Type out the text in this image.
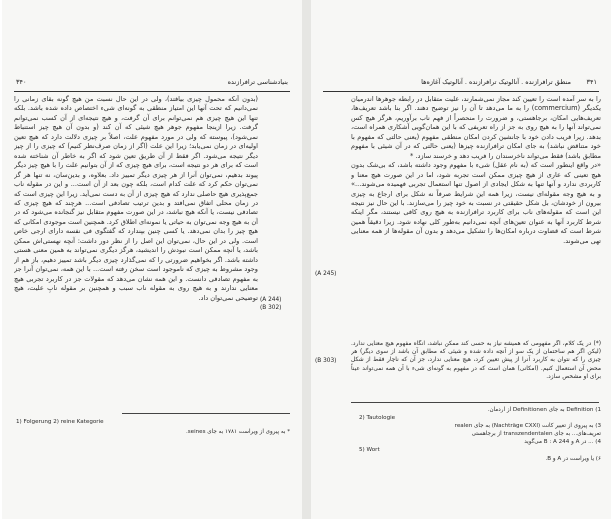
۳۴۰	بنیادشناسی ترافرازنده
(بدون آنکه محمول چیزی بیافتد)، ولی در این حال نسبت من هیچ گونه بقای زمانی را نمی‌دانیم که تحت آنها این امتیاز منطقی به گونه‌ای شیء اختصاص داده شده باشد. بلکه تنها این هیچ چیزی هم نمی‌توانم برای آن گرفت، و هیچ نتیجه‌ای از آن کسب نمی‌توانم گرفت. زیرا ازینجا مفهوم جوهر هیچ شیئی که آن کند (و بدون آن هیچ چیز استنباط نمی‌شود)، پیوسته که ولی در مورد مفهوم علت، اصلاً بر چیزی دلالت دارد که هیچ تعین اولیه‌ای در زمان نمی‌یابد؛ زیرا این علت (اگر از زمان صرف‌نظر کنیم) که چیزی را از چیز دیگر نتیجه می‌شود. اگر فقط از آن طریق تعین شود که اگر به خاطر آن شناخته شده است که برای هر دو نتیجه است، برای هیچ چیزی که از آن بتوانیم علت را با هیچ چیز دیگر پیوند بدهیم، نمی‌توان آنرا از هر چیزی دیگر تمییز داد. بعلاوه، و بدین‌سان، نه تنها هر گز نمی‌توان حکم کرد که علت کدام است، بلکه چون بعد از آن است... و این در مقوله ناب جمع‌پذیری هیچ حاصلی ندارد که هیچ چیزی از آن به دست نمی‌آید. زیرا این چیزی است که در زمان محلی اتفاق نمی‌افتد و بدین ترتیب تصادفی است... هرچند که هیچ چیزی که تصادفی نیست، یا آنکه هیچ نباشد، در این صورت مفهوم متقابل نیز گنجانده می‌شود که در آن به هیچ وجه نمی‌توان به حیاتی یا نمونه‌ای اطلاق کرد. همچنین است موجودی امکانی که هیچ چیز را بدان نمی‌دهد. یا کسی چنین بپندارد که گفتگوی فی نفسه دارای ارجی خاص است. ولی در این حال، نمی‌توان این اصل را از نظر دور داشت: آنچه نهستی‌اش ممکن باشد، یا آنچه ممکن است نبودش را اندیشید، هرگز دیگری نمی‌تواند به همین معنی هستی داشته باشد. اگر بخواهیم ضرورتی را که نمی‌گذارد چیزی دیگر باشد تمییز دهیم، باز هم از وجود مشروط به چیزی که ناموجود است سخن رفته است... با این همه، نمی‌توان آنرا جز به مفهوم تصادفی دانست. و این همه نشان می‌دهد که مقولات جز در کاربرد تجربی هیچ معنایی ندارند و به هیچ روی به مقوله ناب ‌سبب و همچنین بر مقوله نابِ علیت، هیچ توضیحی نمی‌توان داد. (A 244)
(B 302)
1) Folgerung 2) reine Kategorie
* به پیروی از ویراست ۱۷۸۱ به جای seines.
منطق ترافرازنده . آنالوتیک ترافرازنده . آنالوتیک آغازه‌ها ۳۴۱
(A 245)
(B 303)
را به سر آمده است را تعیین کند مجاز نمی‌شمارند، علیت متقابل در رابطه جوهرها اندرمیان یکدیگر (commercium) را به ما می‌دهد تا آن را نیز توضیح دهند. اگر بنا باشد تعریف‌ها، تعریف‌هایی امکان، برجاهستی، و ضرورت را منحصراً از فهم ناب برآوریم، هرگز هیچ کس نمی‌تواند آنها را به هیچ روی به جز از راه تعریفی که با این همان‌گویی آشکاری همراه است، بدهد. زیرا فریب دادن خود با جانشین کردن امکان منطقی مفهوم (یعنی حالتی که مفهوم با خود متناقض نباشد) به جای امکان ترافرازنده چیزها (یعنی حالتی که در آن شیئی با مفهوم مطابق باشد) فقط می‌تواند ناخرسندان را فریب دهد و خرسند سازد. *
«در واقع اینطور است که (به نام عقل) شیء با مفهوم وجود داشته باشد، که بی‌شک بدون هیچ تعینی که عاری از هیچ چیزی ممکن است تجربه شود، اما در این صورت هیچ معنا و کاربردی ندارد و آنها تنها به شکل ایجادی از اصول تنها استعمال تجربی فهمیده می‌شوند...» و به هیچ وجه مقوله‌ای نیست، زیرا همه این شرایط صرفاً نه شکل برای ارجاع به چیزی بیرون از خودشان، بل شکل حقیقتی در نسبت به خود چیز را می‌سازند. با این حال نیز نتیجه این است که مقوله‌های ناب برای کاربرد ترافرازنده به هیچ روی کافی نیستند، مگر اینکه شرط کاربرد آنها به عنوان تعین‌های آنچه نمی‌دانیم به‌طور کلی نهاده شود. زیرا دقیقاً همین شرط است که قضاوت درباره امکان‌ها را تشکیل می‌دهد و بدون آن مقوله‌ها از همه معنایی تهی می‌شوند.
(*) در یک کلام، اگر مفهومی که همیشه نیاز به حسی کند ممکن نباشد، آنگاه مفهوم هیچ معنایی ندارد. (لیکن اگر هم ساختمان از یک سو از آنچه داده شده و شیئی که مطابق آن باشد از سوی دیگر) هر چیزی را که نتوان به کاربرد آنرا از پیش تعیین کرد، هیچ معنایی ندارد، جز آن که ناچار فقط از شکل محض آن استعمال کنیم. (امکانی) همان است که در مفهوم به گونه‌ای شیء با آن همه نمی‌تواند عیناً برای او مشخص سازد.
1) Definition به جای Definitionen از اردمان.
2) Tautologie
3) به پیروی از تغییر کانت (Nachträge CXXI) به جای realen
تعریف‌های... به جای transzendentalen از برجاهستی
4) ... در A و B : A 244 می‌گوید
5) Wort
۶) یا ویراست در A و B.
